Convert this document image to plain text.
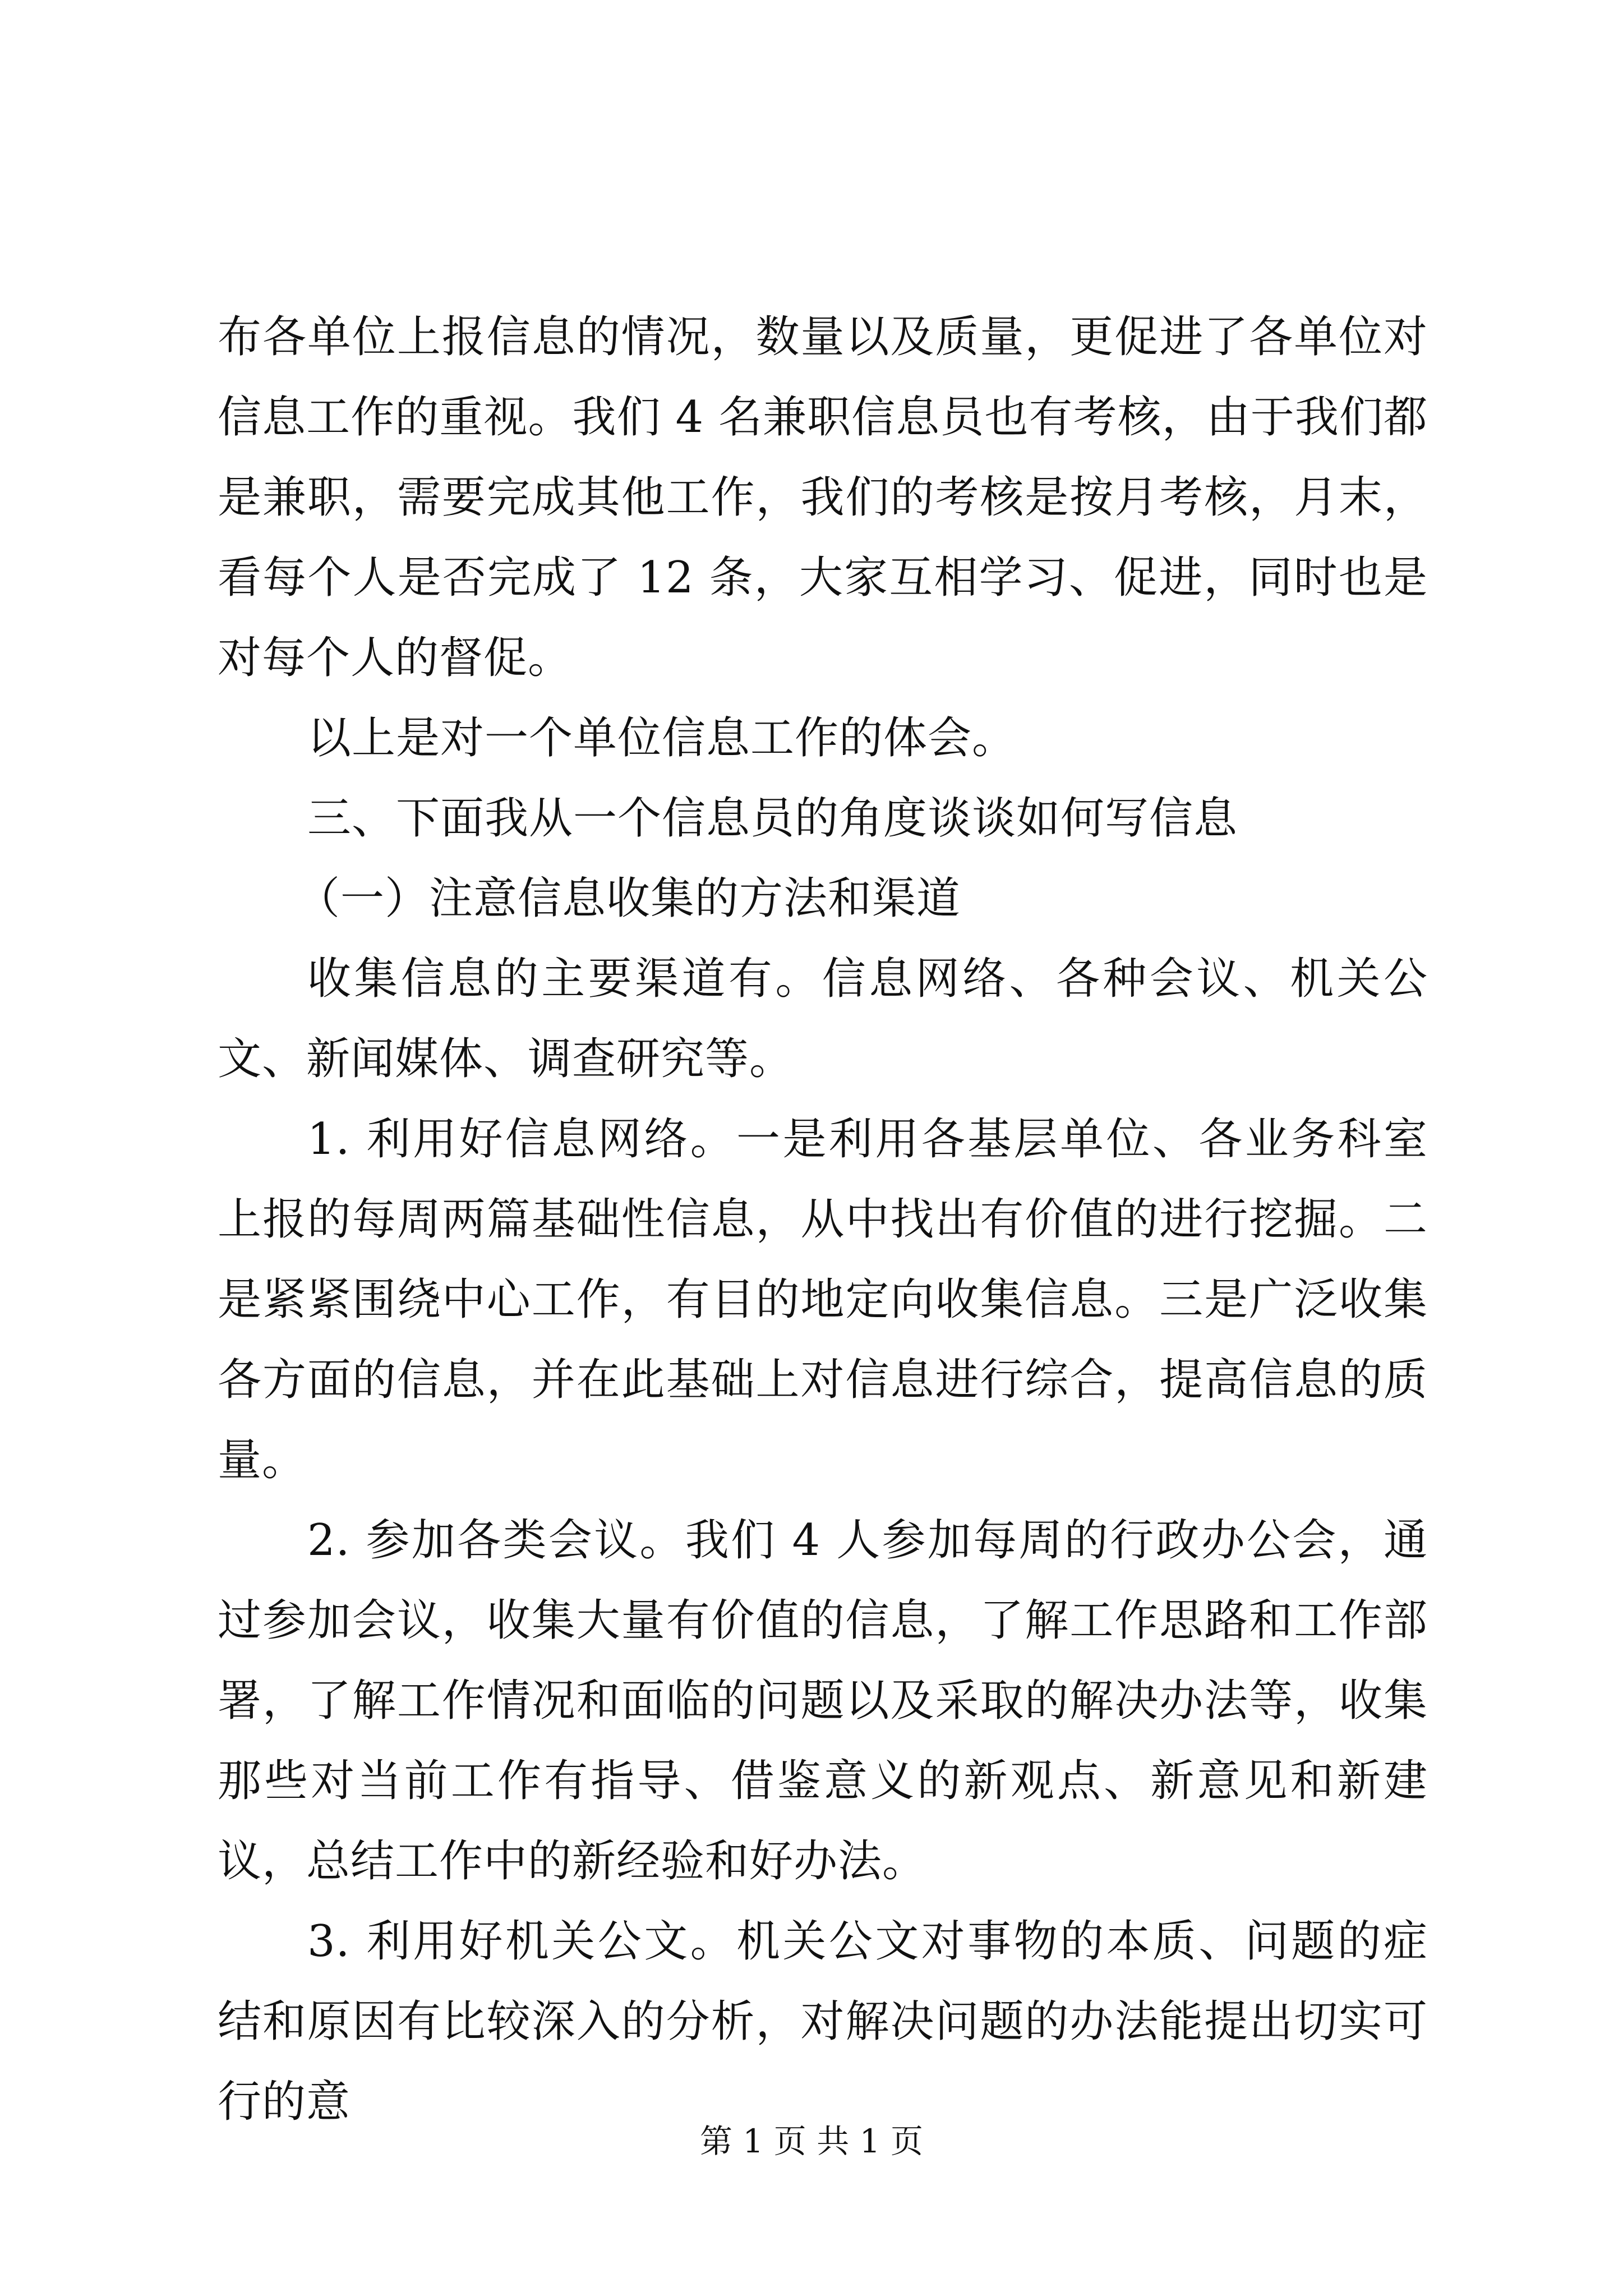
布各单位上报信息的情况，数量以及质量，更促进了各单位对信息工作的重视。我们 4 名兼职信息员也有考核，由于我们都是兼职，需要完成其他工作，我们的考核是按月考核，月末，看每个人是否完成了 12 条，大家互相学习、促进，同时也是对每个人的督促。

以上是对一个单位信息工作的体会。

三、下面我从一个信息员的角度谈谈如何写信息

（一）注意信息收集的方法和渠道

收集信息的主要渠道有。信息网络、各种会议、机关公文、新闻媒体、调查研究等。

1. 利用好信息网络。一是利用各基层单位、各业务科室上报的每周两篇基础性信息，从中找出有价值的进行挖掘。二是紧紧围绕中心工作，有目的地定向收集信息。三是广泛收集各方面的信息，并在此基础上对信息进行综合，提高信息的质量。

2. 参加各类会议。我们 4 人参加每周的行政办公会，通过参加会议，收集大量有价值的信息，了解工作思路和工作部署，了解工作情况和面临的问题以及采取的解决办法等，收集那些对当前工作有指导、借鉴意义的新观点、新意见和新建议，总结工作中的新经验和好办法。

3. 利用好机关公文。机关公文对事物的本质、问题的症结和原因有比较深入的分析，对解决问题的办法能提出切实可行的意

第 1 页 共 1 页
